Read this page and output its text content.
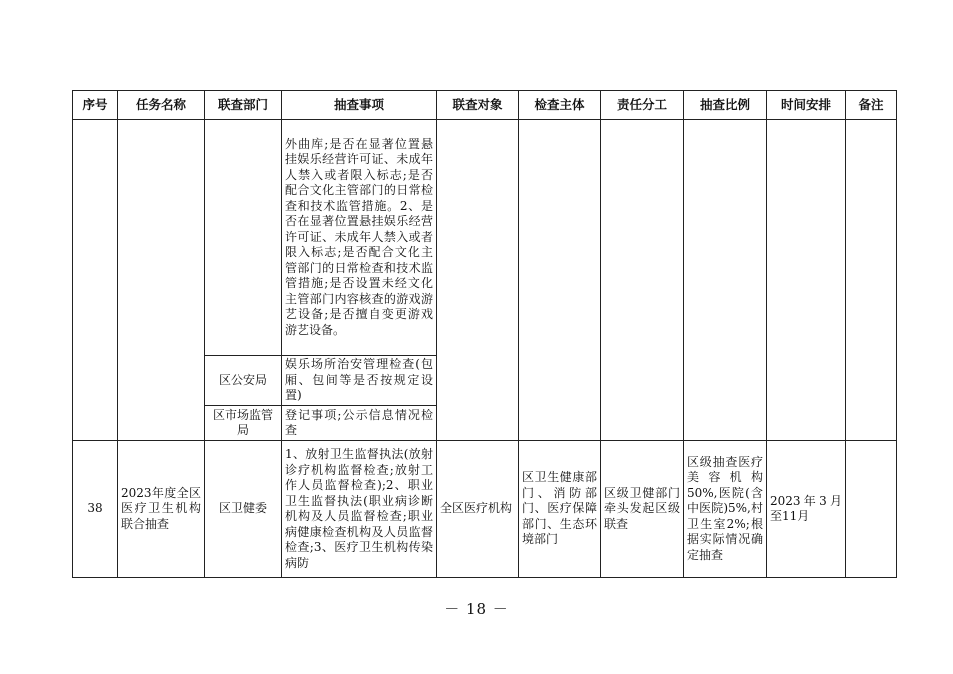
序号	任务名称	联查部门	抽查事项	联查对象	检查主体	责任分工	抽查比例	时间安排	备注
			外曲库;是否在显著位置悬挂娱乐经营许可证、未成年人禁入或者限入标志;是否配合文化主管部门的日常检查和技术监管措施。2、是否在显著位置悬挂娱乐经营许可证、未成年人禁入或者限入标志;是否配合文化主管部门的日常检查和技术监管措施;是否设置未经文化主管部门内容核查的游戏游艺设备;是否擅自变更游戏游艺设备。						
		区公安局	娱乐场所治安管理检查(包厢、包间等是否按规定设置)						
		区市场监管局	登记事项;公示信息情况检查						
38	2023年度全区医疗卫生机构联合抽查	区卫健委	1、放射卫生监督执法(放射诊疗机构监督检查;放射工作人员监督检查);2、职业卫生监督执法(职业病诊断机构及人员监督检查;职业病健康检查机构及人员监督检查;3、医疗卫生机构传染病防	全区医疗机构	区卫生健康部门、消防部门、医疗保障部门、生态环境部门	区级卫健部门牵头发起区级联查	区级抽查医疗美容机构50%,医院(含中医院)5%,村卫生室2%;根据实际情况确定抽查	2023年3月至11月	
－ 18 －
